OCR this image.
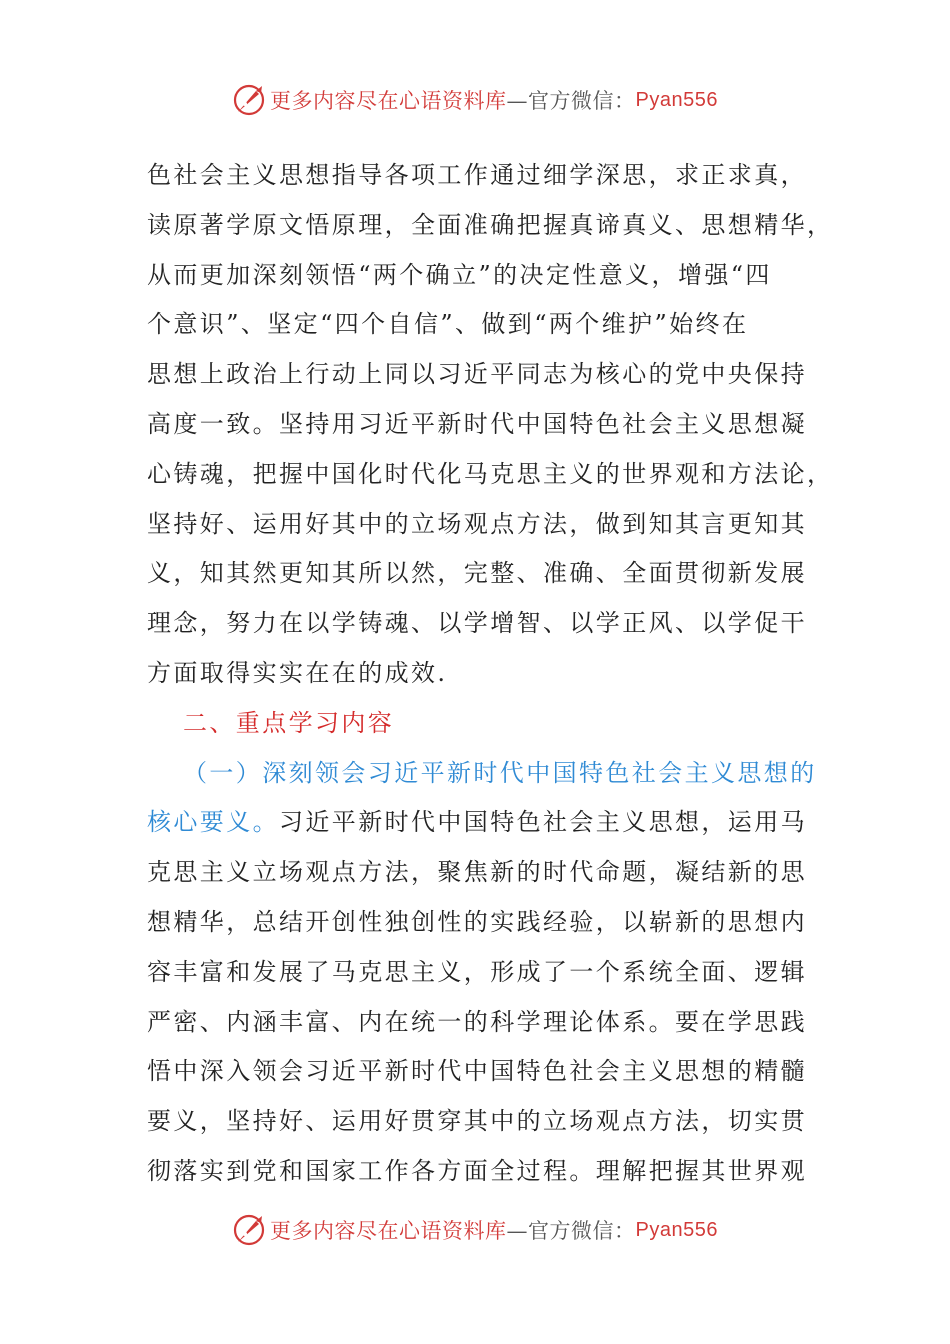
更多内容尽在心语资料库 —官方微信： Pyan556
色社会主义思想指导各项工作通过细学深思，求正求真，
读原著学原文悟原理，全面准确把握真谛真义、思想精华，
从而更加深刻领悟“两个确立”的决定性意义，增强“四
个意识”、坚定“四个自信”、做到“两个维护”始终在
思想上政治上行动上同以习近平同志为核心的党中央保持
高度一致。坚持用习近平新时代中国特色社会主义思想凝
心铸魂，把握中国化时代化马克思主义的世界观和方法论，
坚持好、运用好其中的立场观点方法，做到知其言更知其
义，知其然更知其所以然，完整、准确、全面贯彻新发展
理念，努力在以学铸魂、以学增智、以学正风、以学促干
方面取得实实在在的成效.
二、重点学习内容
（一）深刻领会习近平新时代中国特色社会主义思想的
核心要义。习近平新时代中国特色社会主义思想，运用马
克思主义立场观点方法，聚焦新的时代命题，凝结新的思
想精华，总结开创性独创性的实践经验，以崭新的思想内
容丰富和发展了马克思主义，形成了一个系统全面、逻辑
严密、内涵丰富、内在统一的科学理论体系。要在学思践
悟中深入领会习近平新时代中国特色社会主义思想的精髓
要义，坚持好、运用好贯穿其中的立场观点方法，切实贯
彻落实到党和国家工作各方面全过程。理解把握其世界观
更多内容尽在心语资料库 —官方微信： Pyan556
